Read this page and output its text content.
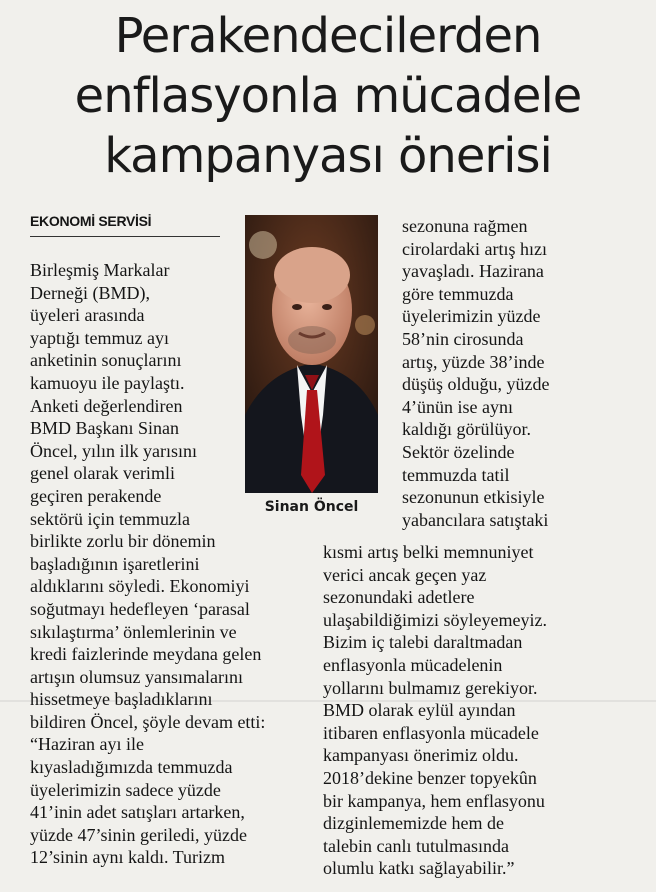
Perakendecilerden
enflasyonla mücadele
kampanyası önerisi
EKONOMİ SERVİSİ
Birleşmiş Markalar
Derneği (BMD),
üyeleri arasında
yaptığı temmuz ayı
anketinin sonuçlarını
kamuoyu ile paylaştı.
Anketi değerlendiren
BMD Başkanı Sinan
Öncel, yılın ilk yarısını
genel olarak verimli
geçiren perakende
sektörü için temmuzla
birlikte zorlu bir dönemin
başladığının işaretlerini
aldıklarını söyledi. Ekonomiyi
soğutmayı hedefleyen ‘parasal
sıkılaştırma’ önlemlerinin ve
kredi faizlerinde meydana gelen
artışın olumsuz yansımalarını
hissetmeye başladıklarını
bildiren Öncel, şöyle devam etti:
“Haziran ayı ile
kıyasladığımızda temmuzda
üyelerimizin sadece yüzde
41’inin adet satışları artarken,
yüzde 47’sinin geriledi, yüzde
12’sinin aynı kaldı. Turizm
Sinan Öncel
sezonuna rağmen
cirolardaki artış hızı
yavaşladı. Hazirana
göre temmuzda
üyelerimizin yüzde
58’nin cirosunda
artış, yüzde 38’inde
düşüş olduğu, yüzde
4’ünün ise aynı
kaldığı görülüyor.
Sektör özelinde
temmuzda tatil
sezonunun etkisiyle
yabancılara satıştaki
kısmi artış belki memnuniyet
verici ancak geçen yaz
sezonundaki adetlere
ulaşabildiğimizi söyleyemeyiz.
Bizim iç talebi daraltmadan
enflasyonla mücadelenin
yollarını bulmamız gerekiyor.
BMD olarak eylül ayından
itibaren enflasyonla mücadele
kampanyası önerimiz oldu.
2018’dekine benzer topyekûn
bir kampanya, hem enflasyonu
dizginlememizde hem de
talebin canlı tutulmasında
olumlu katkı sağlayabilir.”
